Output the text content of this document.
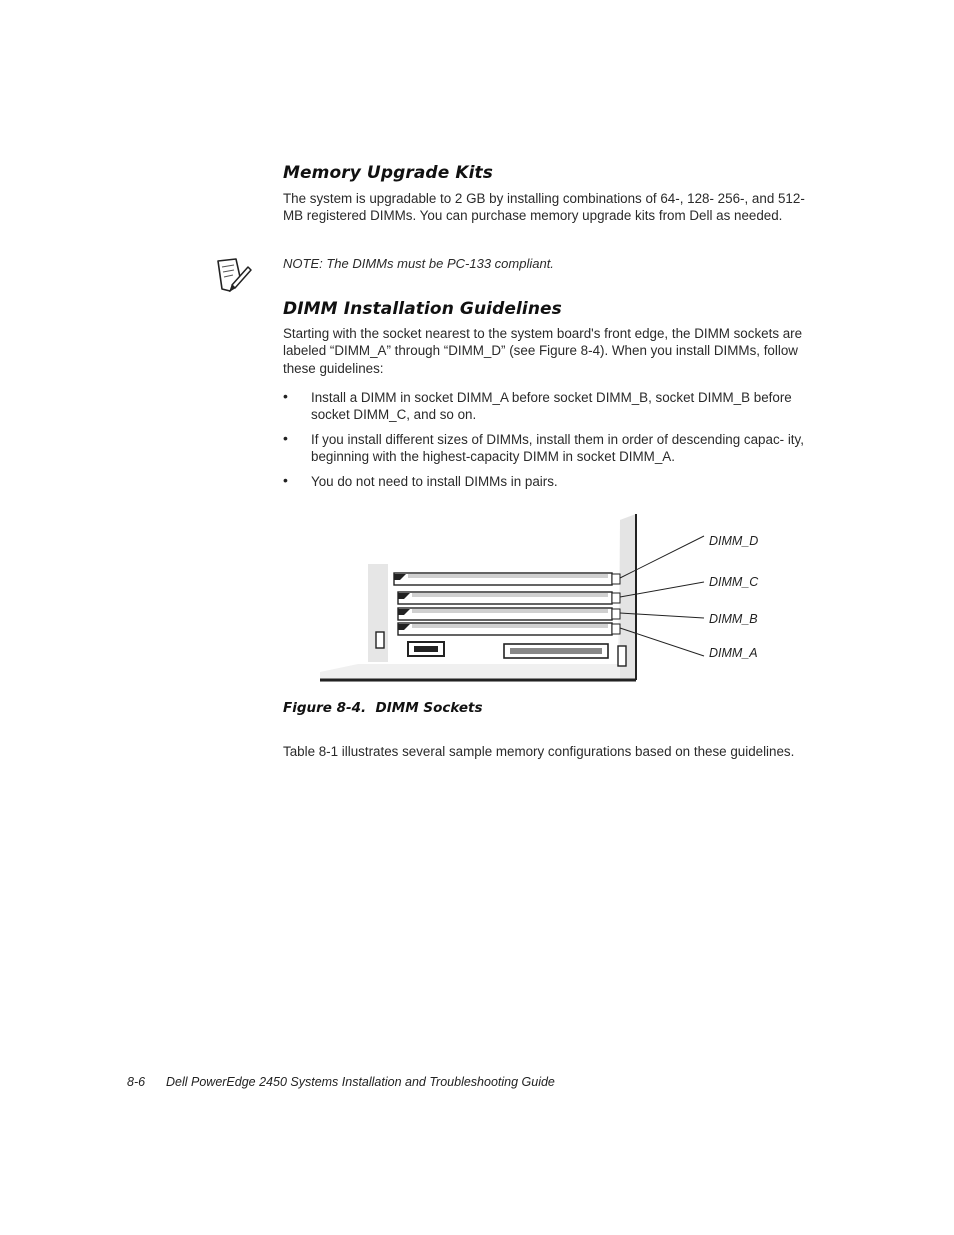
Memory Upgrade Kits
The system is upgradable to 2 GB by installing combinations of 64-, 128- 256-, and 512-MB registered DIMMs. You can purchase memory upgrade kits from Dell as needed.
NOTE: The DIMMs must be PC-133 compliant.
DIMM Installation Guidelines
Starting with the socket nearest to the system board's front edge, the DIMM sockets are labeled “DIMM_A” through “DIMM_D” (see Figure 8-4). When you install DIMMs, follow these guidelines:
• Install a DIMM in socket DIMM_A before socket DIMM_B, socket DIMM_B before socket DIMM_C, and so on.
• If you install different sizes of DIMMs, install them in order of descending capac- ity, beginning with the highest-capacity DIMM in socket DIMM_A.
• You do not need to install DIMMs in pairs.
DIMM_D
DIMM_C
DIMM_B
DIMM_A
Figure 8-4.  DIMM Sockets
Table 8-1 illustrates several sample memory configurations based on these guidelines.
8-6 Dell PowerEdge 2450 Systems Installation and Troubleshooting Guide
